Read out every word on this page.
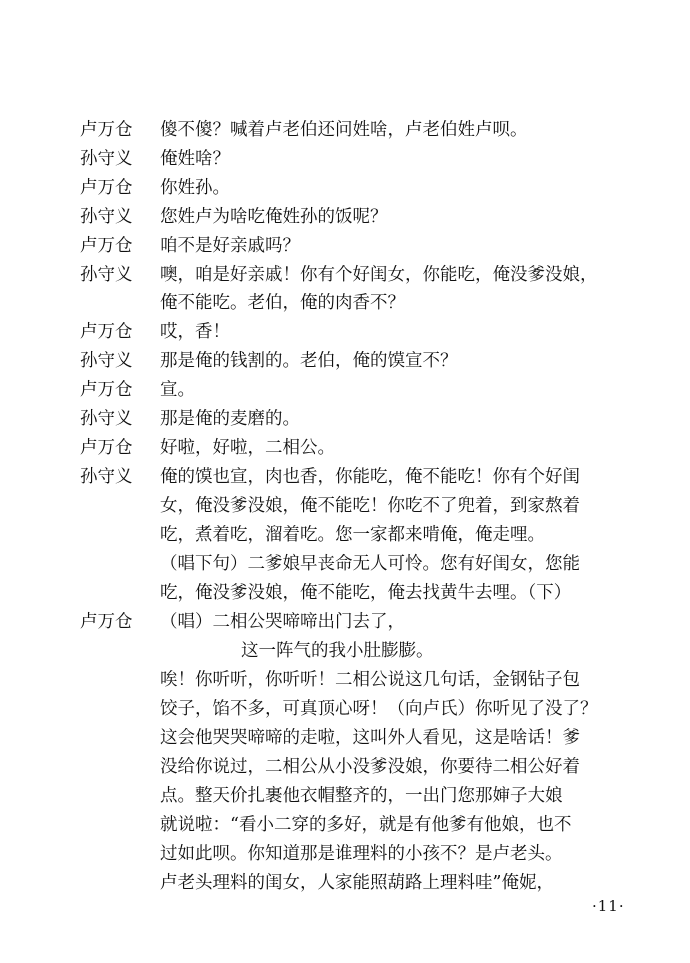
卢万仓 傻不傻？喊着卢老伯还问姓啥，卢老伯姓卢呗。
孙守义 俺姓啥？
卢万仓 你姓孙。
孙守义 您姓卢为啥吃俺姓孙的饭呢？
卢万仓 咱不是好亲戚吗？
孙守义 噢，咱是好亲戚！你有个好闺女，你能吃，俺没爹没娘，
俺不能吃。老伯，俺的肉香不？
卢万仓 哎，香！
孙守义 那是俺的钱割的。老伯，俺的馍宣不？
卢万仓 宣。
孙守义 那是俺的麦磨的。
卢万仓 好啦，好啦，二相公。
孙守义 俺的馍也宣，肉也香，你能吃，俺不能吃！你有个好闺
女，俺没爹没娘，俺不能吃！你吃不了兜着，到家熬着
吃，煮着吃，溜着吃。您一家都来啃俺，俺走哩。
（唱下句）二爹娘早丧命无人可怜。您有好闺女，您能
吃，俺没爹没娘，俺不能吃，俺去找黄牛去哩。（下）
卢万仓 （唱）二相公哭啼啼出门去了，
这一阵气的我小肚膨膨。
唉！你听听，你听听！二相公说这几句话，金钢钻子包
饺子，馅不多，可真顶心呀！（向卢氏）你听见了没了？
这会他哭哭啼啼的走啦，这叫外人看见，这是啥话！爹
没给你说过，二相公从小没爹没娘，你要待二相公好着
点。整天价扎裹他衣帽整齐的，一出门您那婶子大娘
就说啦：“看小二穿的多好，就是有他爹有他娘，也不
过如此呗。你知道那是谁理料的小孩不？是卢老头。
卢老头理料的闺女，人家能照葫路上理料哇”俺妮，
·11·
